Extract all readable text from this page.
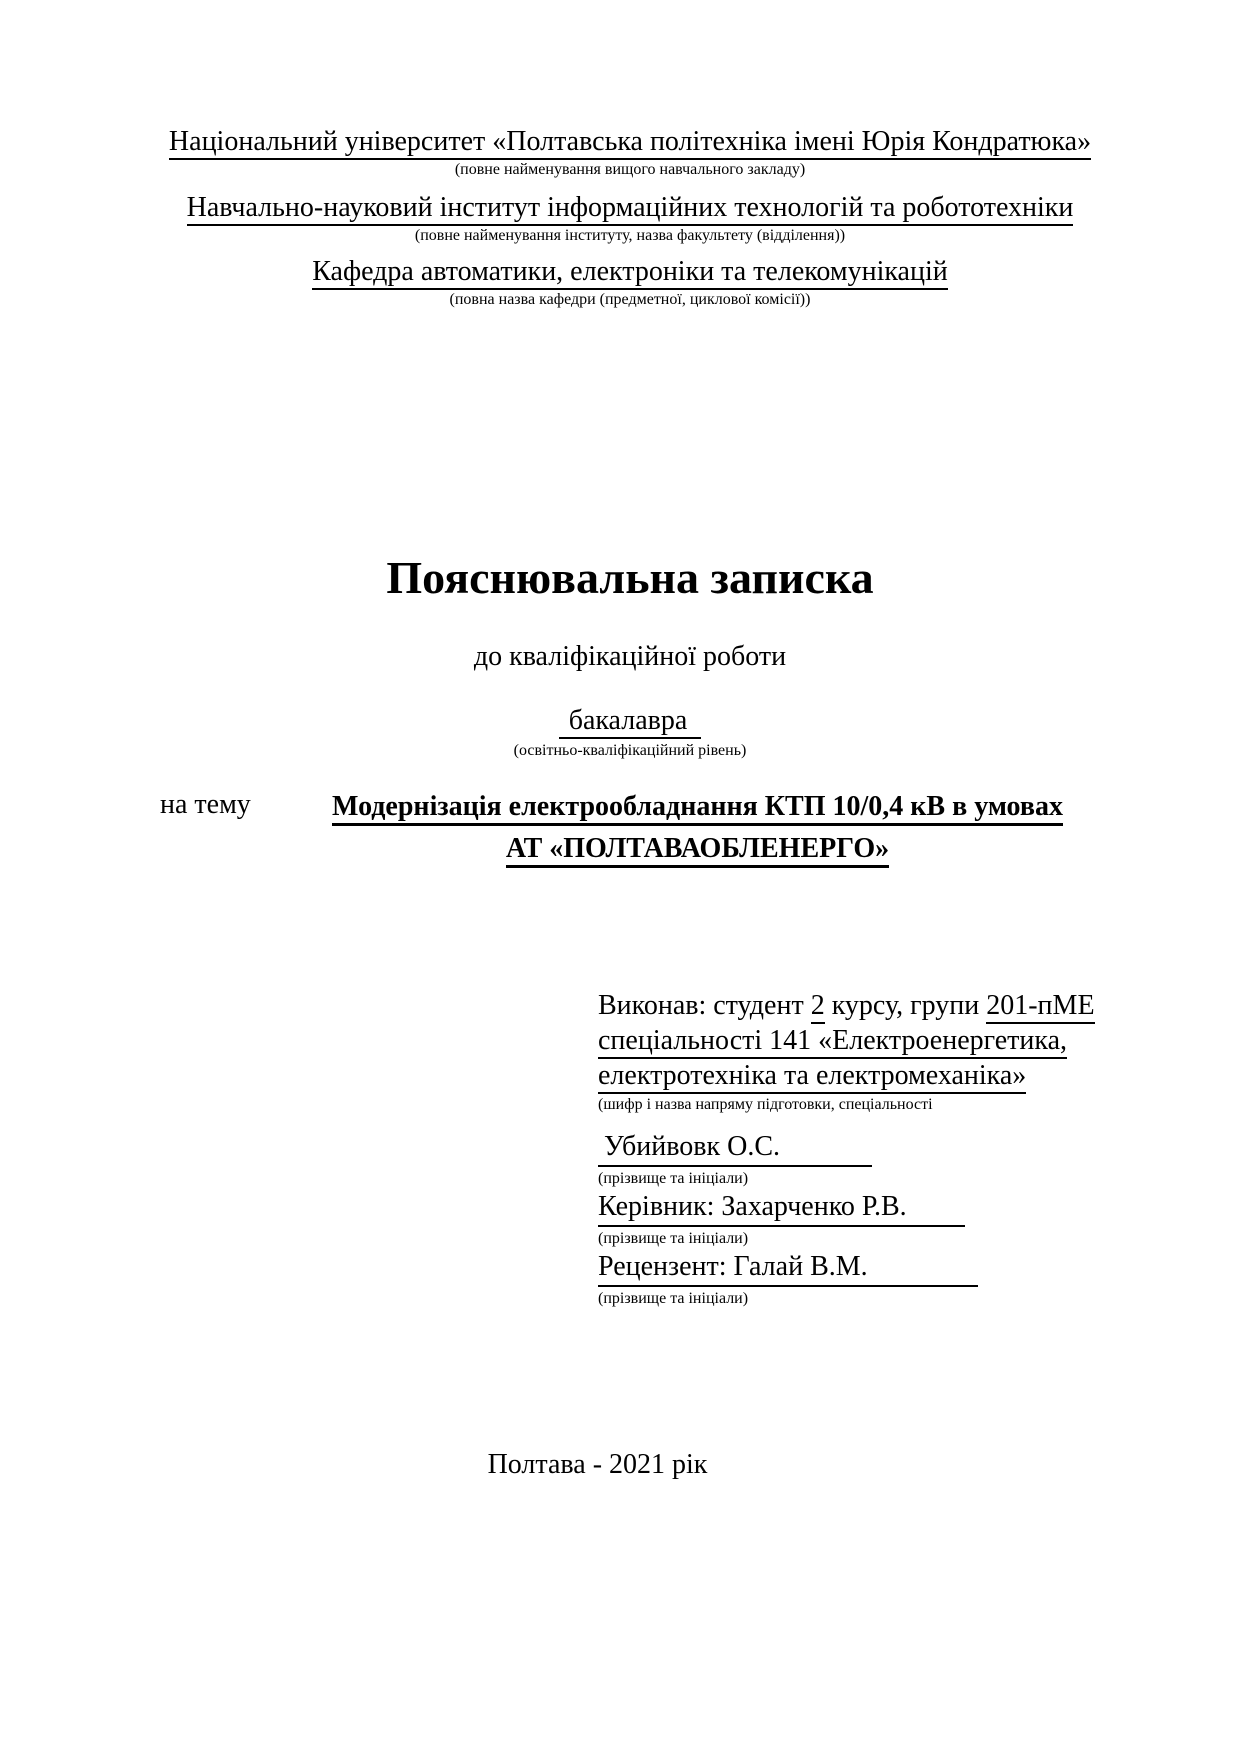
Національний університет «Полтавська політехніка імені Юрія Кондратюка»
(повне найменування вищого навчального закладу)
Навчально-науковий інститут інформаційних технологій та робототехніки
(повне найменування інституту, назва факультету (відділення))
Кафедра автоматики, електроніки та телекомунікацій
(повна назва кафедри (предметної, циклової комісії))
Пояснювальна записка
до кваліфікаційної роботи
бакалавра
(освітньо-кваліфікаційний рівень)
на тему	Модернізація електрообладнання КТП 10/0,4 кВ в умовах
АТ «ПОЛТАВАОБЛЕНЕРГО»
Виконав: студент 2 курсу, групи 201-пМЕ
спеціальності 141 «Електроенергетика,
електротехніка та електромеханіка»
(шифр і назва напряму підготовки, спеціальності
Убийвовк О.С.
(прізвище та ініціали)
Керівник: Захарченко Р.В.
(прізвище та ініціали)
Рецензент: Галай В.М.
(прізвище та ініціали)
Полтава - 2021 рік
